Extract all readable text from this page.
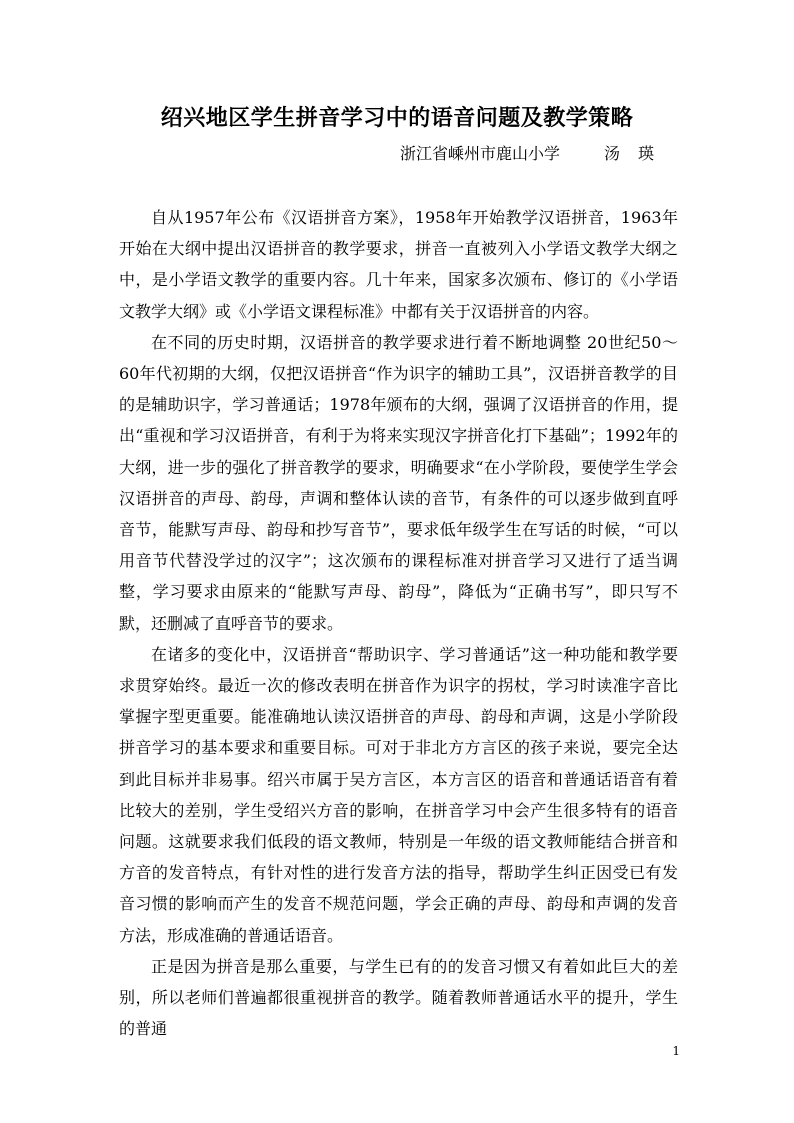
绍兴地区学生拼音学习中的语音问题及教学策略
浙江省嵊州市鹿山小学	汤瑛

自从1957年公布《汉语拼音方案》，1958年开始教学汉语拼音，1963年开始在大纲中提出汉语拼音的教学要求，拼音一直被列入小学语文教学大纲之中，是小学语文教学的重要内容。几十年来，国家多次颁布、修订的《小学语文教学大纲》或《小学语文课程标准》中都有关于汉语拼音的内容。

在不同的历史时期，汉语拼音的教学要求进行着不断地调整 20世纪50～60年代初期的大纲，仅把汉语拼音“作为识字的辅助工具”，汉语拼音教学的目的是辅助识字，学习普通话；1978年颁布的大纲，强调了汉语拼音的作用，提出“重视和学习汉语拼音，有利于为将来实现汉字拼音化打下基础”；1992年的大纲，进一步的强化了拼音教学的要求，明确要求“在小学阶段，要使学生学会汉语拼音的声母、韵母，声调和整体认读的音节，有条件的可以逐步做到直呼音节，能默写声母、韵母和抄写音节”，要求低年级学生在写话的时候，“可以用音节代替没学过的汉字”；这次颁布的课程标准对拼音学习又进行了适当调整，学习要求由原来的“能默写声母、韵母”，降低为“正确书写”，即只写不默，还删减了直呼音节的要求。

在诸多的变化中，汉语拼音“帮助识字、学习普通话”这一种功能和教学要求贯穿始终。最近一次的修改表明在拼音作为识字的拐杖，学习时读准字音比掌握字型更重要。能准确地认读汉语拼音的声母、韵母和声调，这是小学阶段拼音学习的基本要求和重要目标。可对于非北方方言区的孩子来说，要完全达到此目标并非易事。绍兴市属于吴方言区，本方言区的语音和普通话语音有着比较大的差别，学生受绍兴方音的影响，在拼音学习中会产生很多特有的语音问题。这就要求我们低段的语文教师，特别是一年级的语文教师能结合拼音和方音的发音特点，有针对性的进行发音方法的指导，帮助学生纠正因受已有发音习惯的影响而产生的发音不规范问题，学会正确的声母、韵母和声调的发音方法，形成准确的普通话语音。

正是因为拼音是那么重要，与学生已有的的发音习惯又有着如此巨大的差别，所以老师们普遍都很重视拼音的教学。随着教师普通话水平的提升，学生的普通

1
